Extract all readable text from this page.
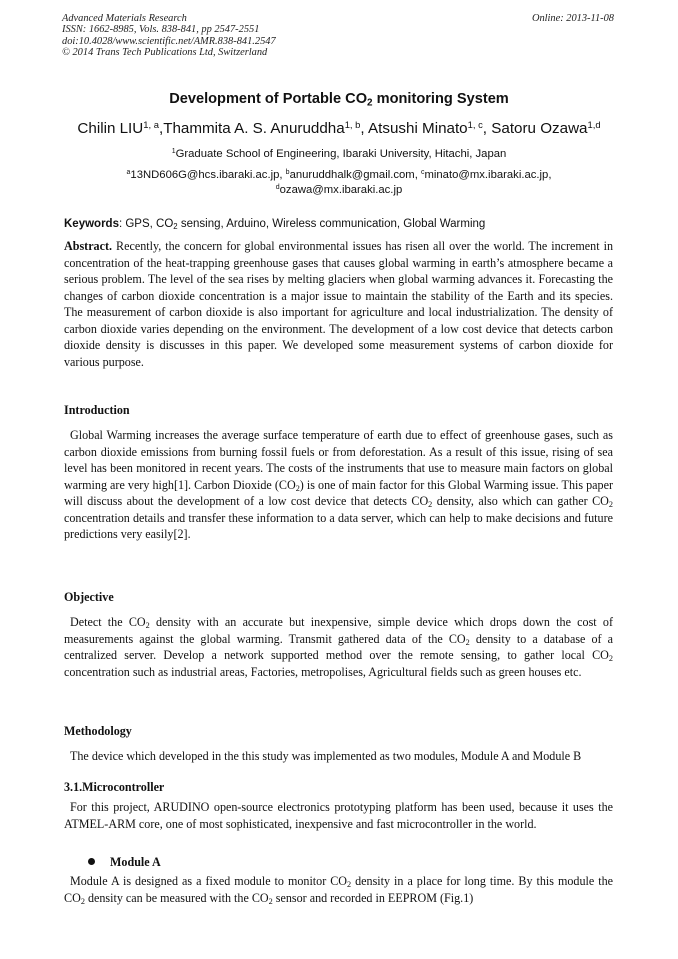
Advanced Materials Research
ISSN: 1662-8985, Vols. 838-841, pp 2547-2551
doi:10.4028/www.scientific.net/AMR.838-841.2547
© 2014 Trans Tech Publications Ltd, Switzerland
Online: 2013-11-08
Development of Portable $CO_2$ monitoring System
Chilin LIU$^{1, a}$,Thammita A. S. Anuruddha$^{1, b}$, Atsushi Minato$^{1, c}$, Satoru Ozawa$^{1,d}$
$^1$Graduate School of Engineering, Ibaraki University, Hitachi, Japan
$^a$13ND606G@hcs.ibaraki.ac.jp, $^b$anuruddhalk@gmail.com, $^c$minato@mx.ibaraki.ac.jp,
$^d$ozawa@mx.ibaraki.ac.jp
Keywords: GPS, $CO_2$ sensing, Arduino, Wireless communication, Global Warming
Abstract. Recently, the concern for global environmental issues has risen all over the world. The increment in concentration of the heat-trapping greenhouse gases that causes global warming in earth’s atmosphere became a serious problem. The level of the sea rises by melting glaciers when global warming advances it. Forecasting the changes of carbon dioxide concentration is a major issue to maintain the stability of the Earth and its species. The measurement of carbon dioxide is also important for agriculture and local industrialization. The density of carbon dioxide varies depending on the environment. The development of a low cost device that detects carbon dioxide density is discusses in this paper. We developed some measurement systems of carbon dioxide for various purpose.
Introduction
Global Warming increases the average surface temperature of earth due to effect of greenhouse gases, such as carbon dioxide emissions from burning fossil fuels or from deforestation. As a result of this issue, rising of sea level has been monitored in recent years. The costs of the instruments that use to measure main factors on global warming are very high[1]. Carbon Dioxide $(CO_2)$ is one of main factor for this Global Warming issue. This paper will discuss about the development of a low cost device that detects $CO_2$ density, also which can gather $CO_2$ concentration details and transfer these information to a data server, which can help to make decisions and future predictions very easily[2].
Objective
Detect the $CO_2$ density with an accurate but inexpensive, simple device which drops down the cost of measurements against the global warming. Transmit gathered data of the $CO_2$ density to a database of a centralized server. Develop a network supported method over the remote sensing, to gather local $CO_2$ concentration such as industrial areas, Factories, metropolises, Agricultural fields such as green houses etc.
Methodology
The device which developed in the this study was implemented as two modules, Module A and Module B
3.1.Microcontroller
For this project, ARUDINO open-source electronics prototyping platform has been used, because it uses the ATMEL-ARM core, one of most sophisticated, inexpensive and fast microcontroller in the world.
Module A
Module A is designed as a fixed module to monitor $CO_2$ density in a place for long time. By this module the $CO_2$ density can be measured with the $CO_2$ sensor and recorded in EEPROM (Fig.1)
